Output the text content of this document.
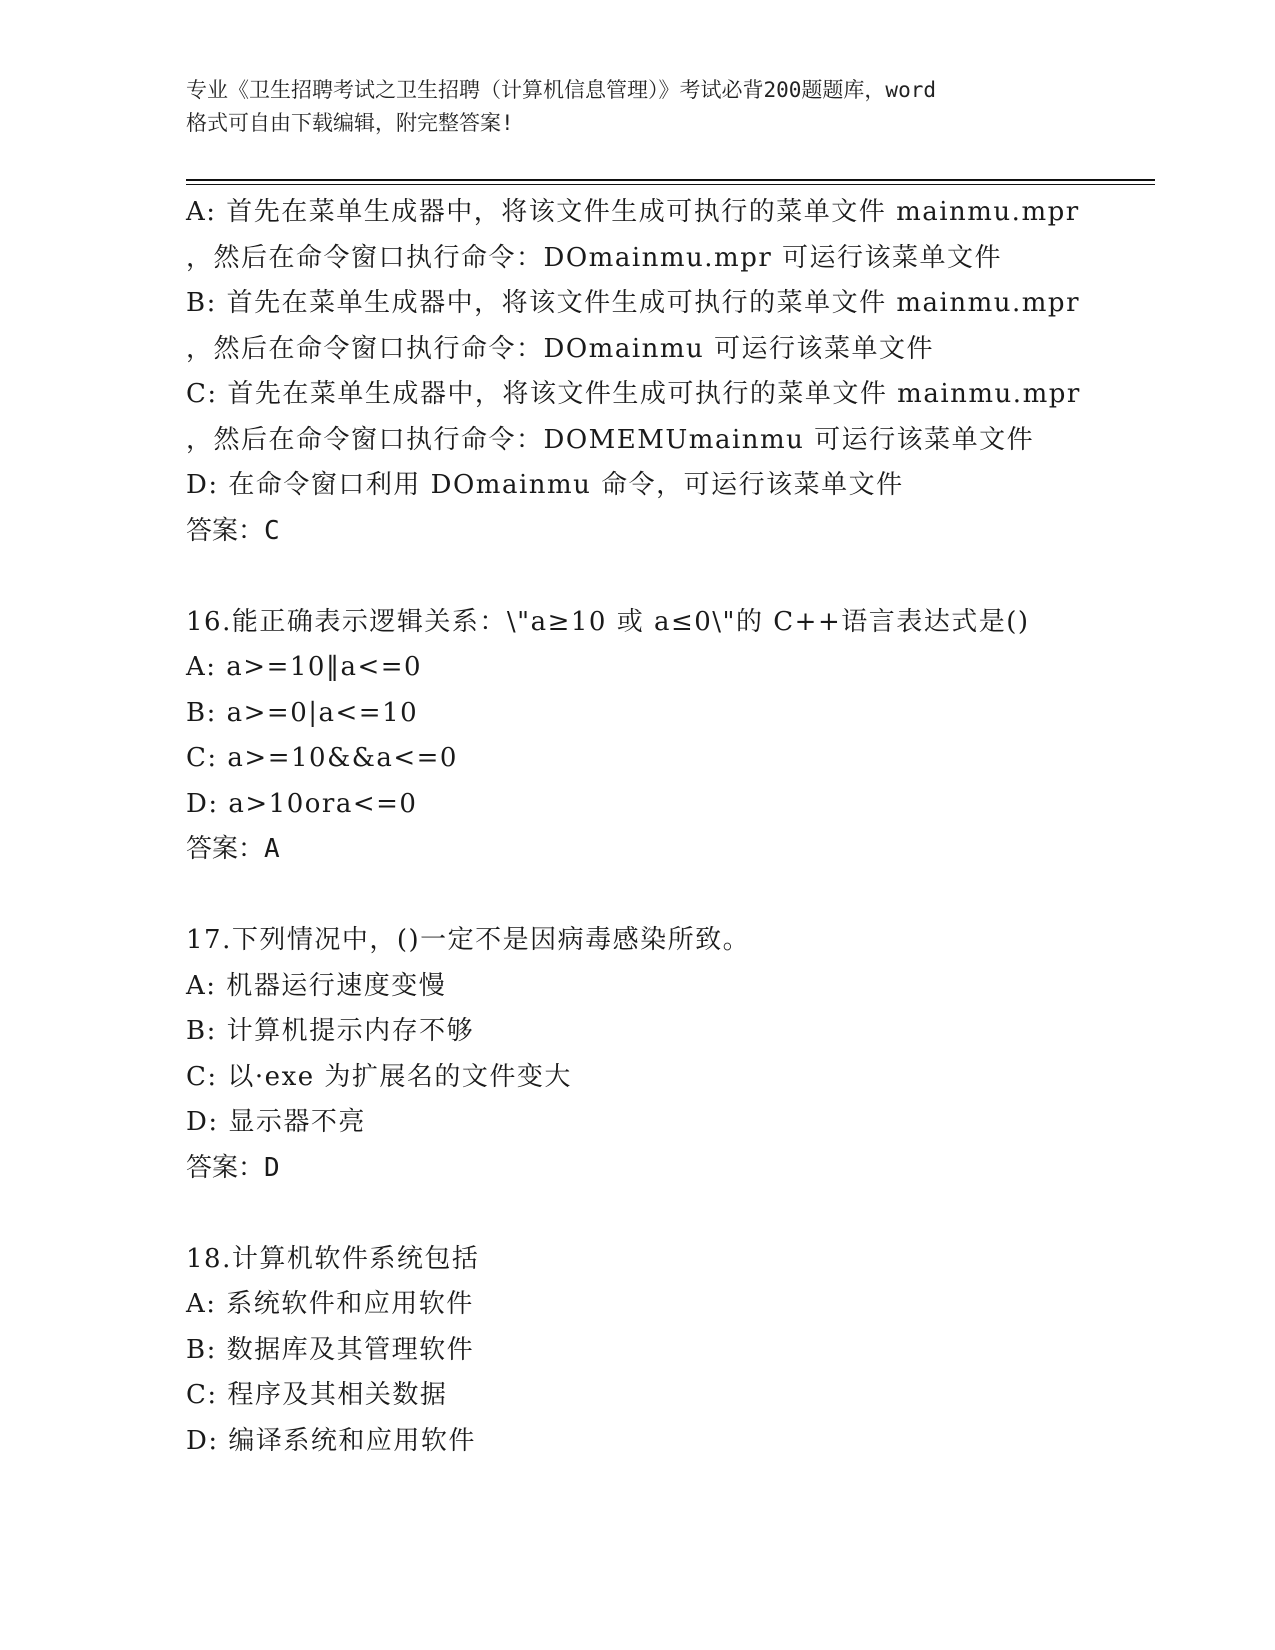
专业《卫生招聘考试之卫生招聘（计算机信息管理）》考试必背200题题库，word
格式可自由下载编辑，附完整答案!
A: 首先在菜单生成器中，将该文件生成可执行的菜单文件 mainmu.mpr
，然后在命令窗口执行命令：DOmainmu.mpr 可运行该菜单文件
B: 首先在菜单生成器中，将该文件生成可执行的菜单文件 mainmu.mpr
，然后在命令窗口执行命令：DOmainmu 可运行该菜单文件
C: 首先在菜单生成器中，将该文件生成可执行的菜单文件 mainmu.mpr
，然后在命令窗口执行命令：DOMEMUmainmu 可运行该菜单文件
D: 在命令窗口利用 DOmainmu 命令，可运行该菜单文件
答案：C
16.能正确表示逻辑关系：\"a≥10 或 a≤0\"的 C++语言表达式是()
A: a>=10‖a<=0
B: a>=0|a<=10
C: a>=10&&a<=0
D: a>10ora<=0
答案：A
17.下列情况中，()一定不是因病毒感染所致。
A: 机器运行速度变慢
B: 计算机提示内存不够
C: 以·exe 为扩展名的文件变大
D: 显示器不亮
答案：D
18.计算机软件系统包括
A: 系统软件和应用软件
B: 数据库及其管理软件
C: 程序及其相关数据
D: 编译系统和应用软件
